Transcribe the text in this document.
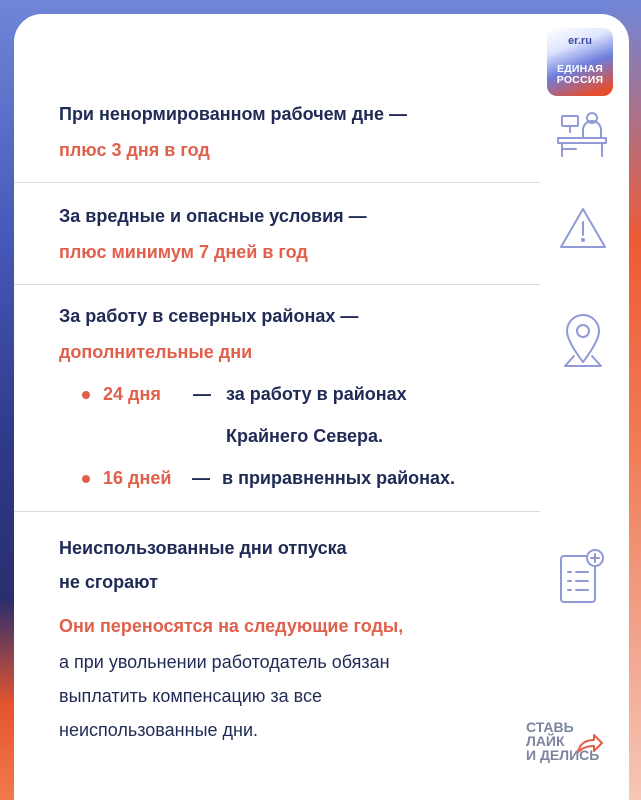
er.ru
ЕДИНАЯ
РОССИЯ
При ненормированном рабочем дне —
плюс 3 дня в год
За вредные и опасные условия —
плюс минимум 7 дней в год
За работу в северных районах —
дополнительные дни
24 дня — за работу в районах
Крайнего Севера.
16 дней — в приравненных районах.
Неиспользованные дни отпуска
не сгорают
Они переносятся на следующие годы,
а при увольнении работодатель обязан
выплатить компенсацию за все
неиспользованные дни.	СТАВЬ
ЛАЙК
И ДЕЛИСЬ
